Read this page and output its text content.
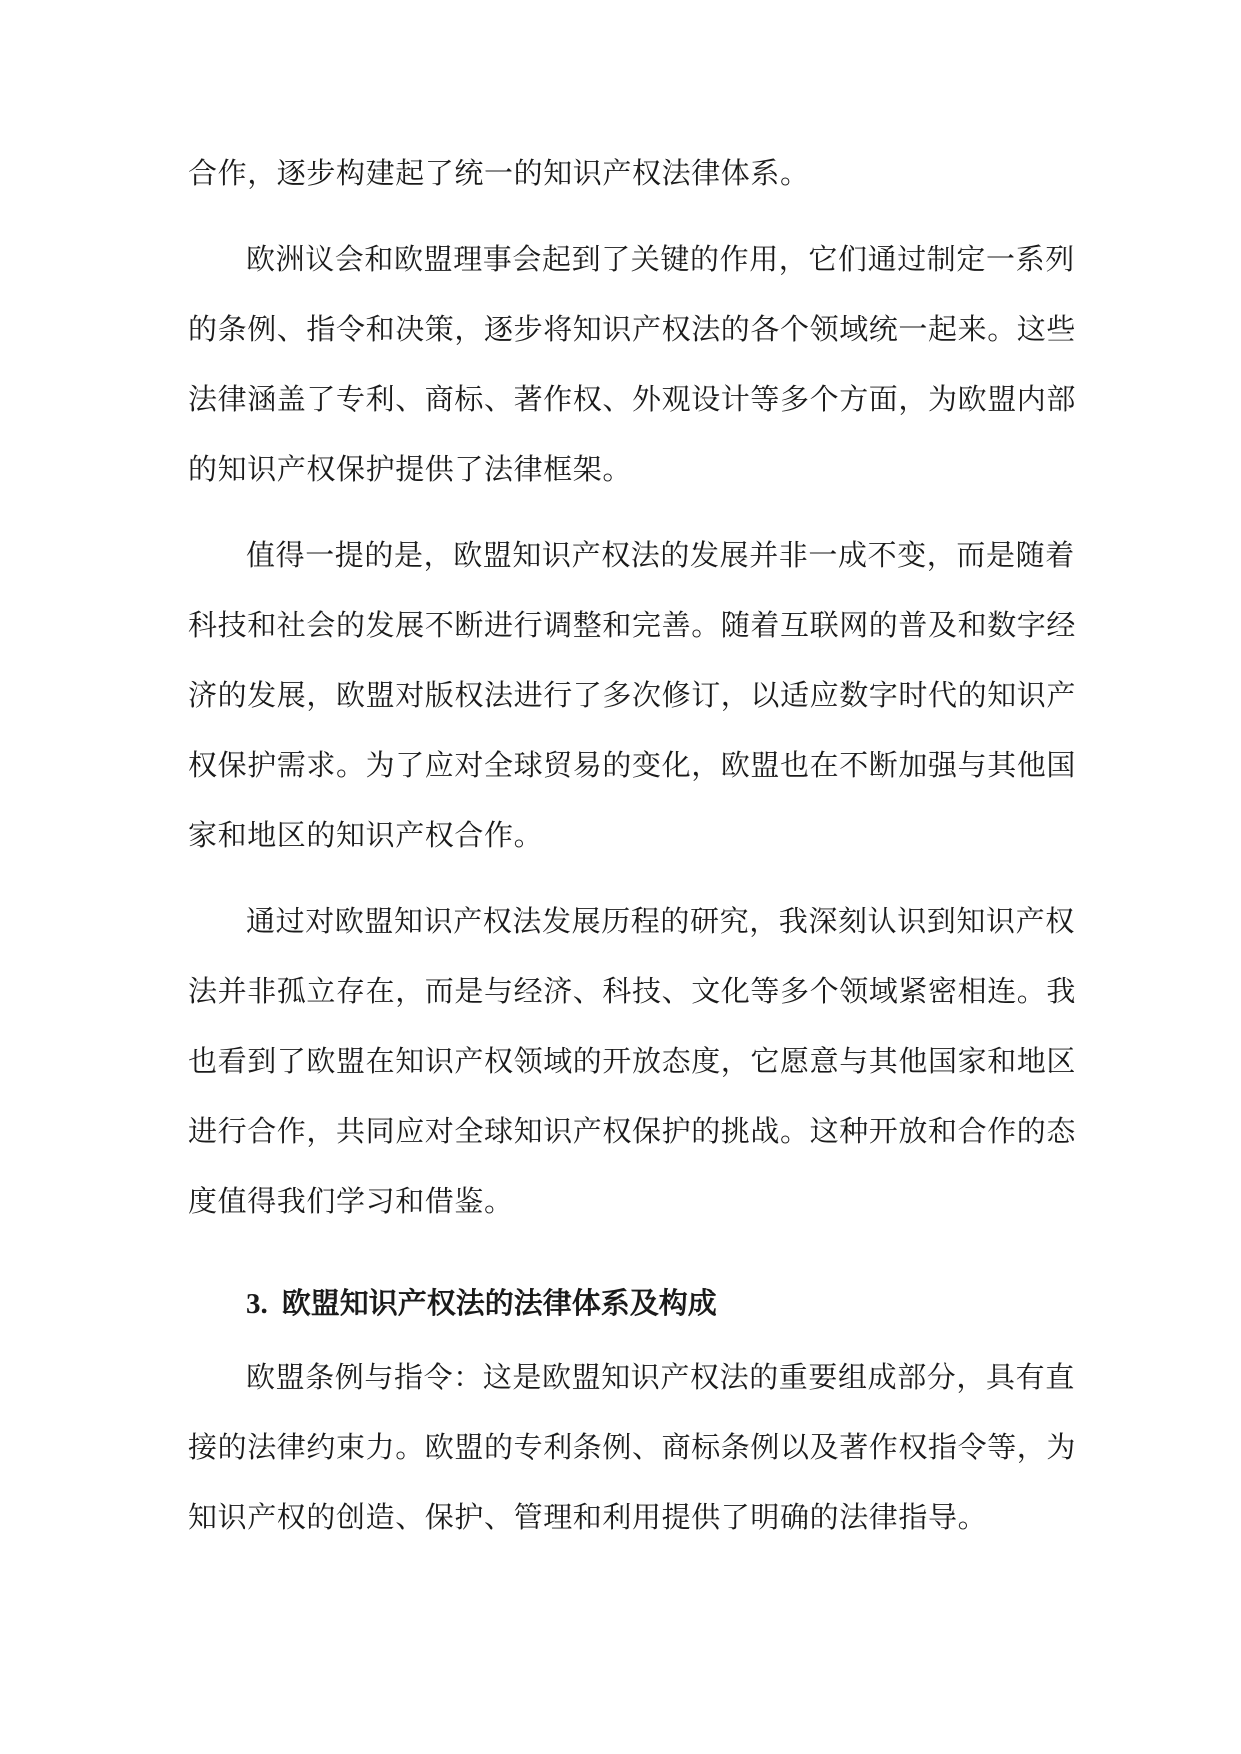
合作，逐步构建起了统一的知识产权法律体系。
欧洲议会和欧盟理事会起到了关键的作用，它们通过制定一系列
的条例、指令和决策，逐步将知识产权法的各个领域统一起来。这些
法律涵盖了专利、商标、著作权、外观设计等多个方面，为欧盟内部
的知识产权保护提供了法律框架。
值得一提的是，欧盟知识产权法的发展并非一成不变，而是随着
科技和社会的发展不断进行调整和完善。随着互联网的普及和数字经
济的发展，欧盟对版权法进行了多次修订，以适应数字时代的知识产
权保护需求。为了应对全球贸易的变化，欧盟也在不断加强与其他国
家和地区的知识产权合作。
通过对欧盟知识产权法发展历程的研究，我深刻认识到知识产权
法并非孤立存在，而是与经济、科技、文化等多个领域紧密相连。我
也看到了欧盟在知识产权领域的开放态度，它愿意与其他国家和地区
进行合作，共同应对全球知识产权保护的挑战。这种开放和合作的态
度值得我们学习和借鉴。
3. 欧盟知识产权法的法律体系及构成
欧盟条例与指令：这是欧盟知识产权法的重要组成部分，具有直
接的法律约束力。欧盟的专利条例、商标条例以及著作权指令等，为
知识产权的创造、保护、管理和利用提供了明确的法律指导。
